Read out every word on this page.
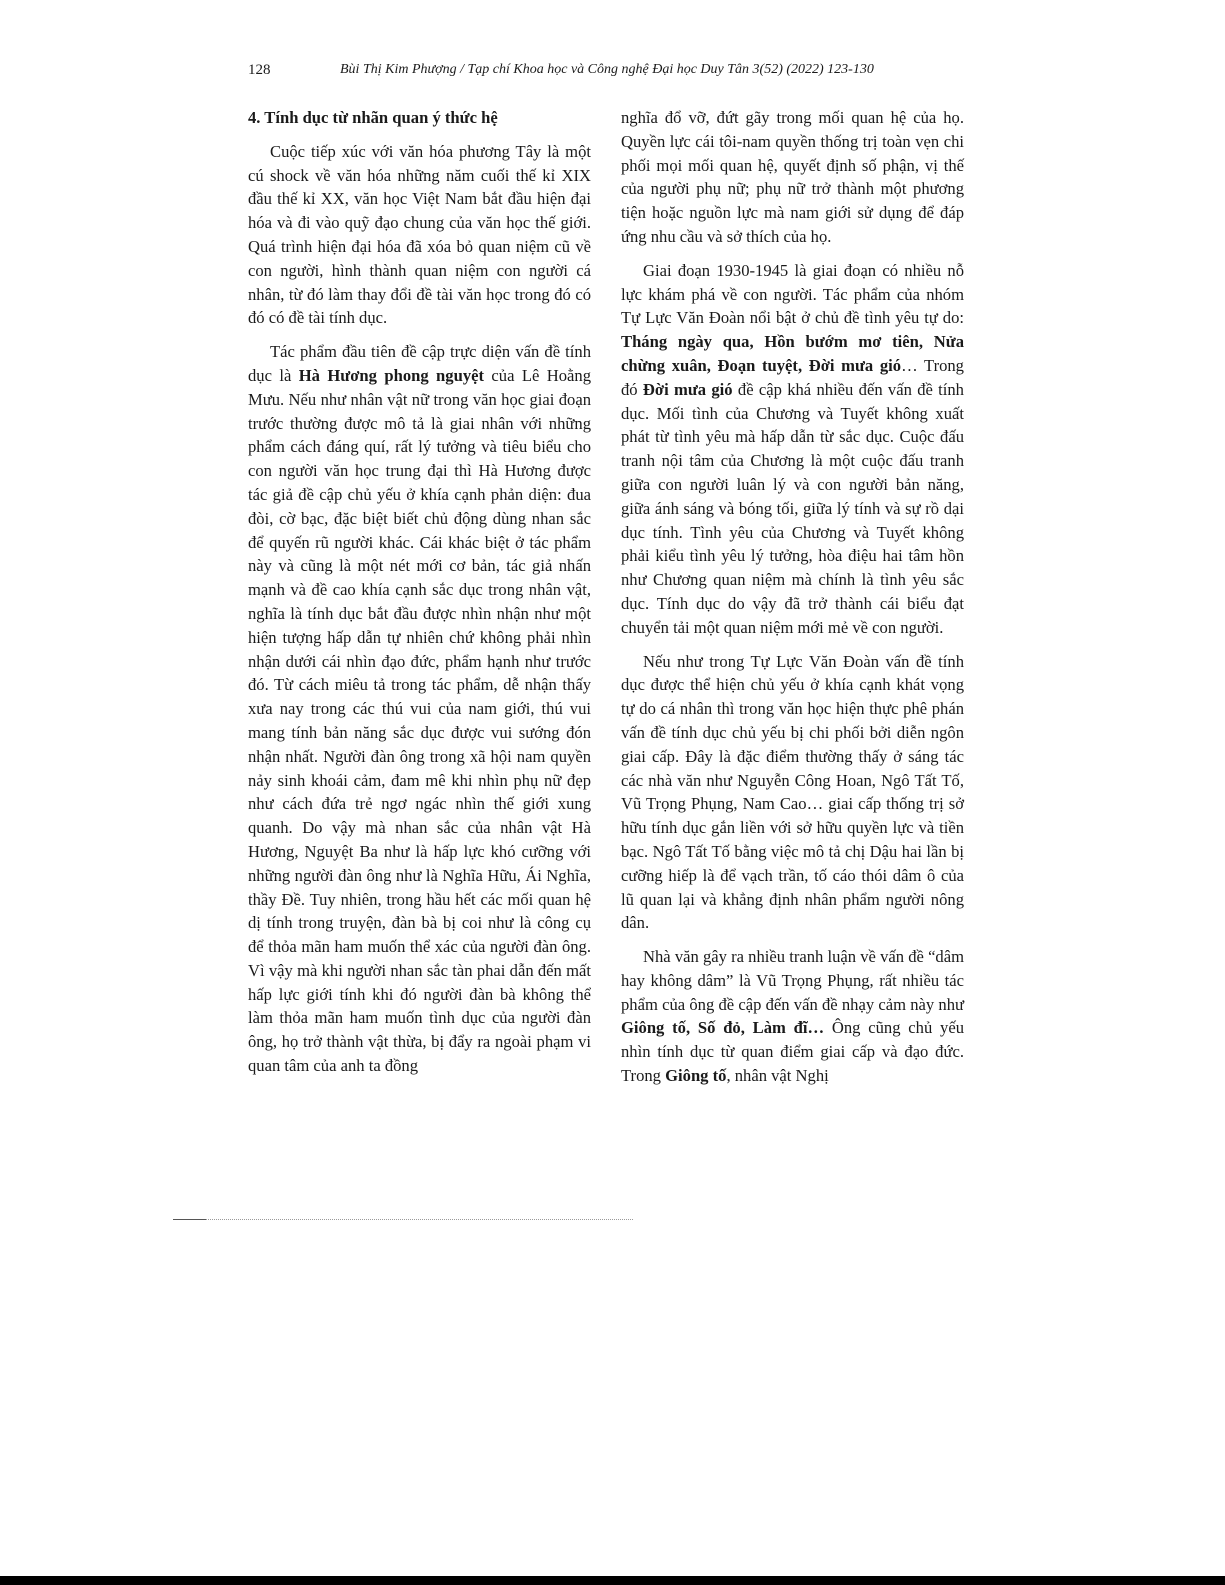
128	Bùi Thị Kim Phượng / Tạp chí Khoa học và Công nghệ Đại học Duy Tân 3(52) (2022) 123-130

4. Tính dục từ nhãn quan ý thức hệ

Cuộc tiếp xúc với văn hóa phương Tây là một cú shock về văn hóa những năm cuối thế kỉ XIX đầu thế kỉ XX, văn học Việt Nam bắt đầu hiện đại hóa và đi vào quỹ đạo chung của văn học thế giới. Quá trình hiện đại hóa đã xóa bỏ quan niệm cũ về con người, hình thành quan niệm con người cá nhân, từ đó làm thay đổi đề tài văn học trong đó có đó có đề tài tính dục.

Tác phẩm đầu tiên đề cập trực diện vấn đề tính dục là Hà Hương phong nguyệt của Lê Hoằng Mưu. Nếu như nhân vật nữ trong văn học giai đoạn trước thường được mô tả là giai nhân với những phẩm cách đáng quí, rất lý tưởng và tiêu biểu cho con người văn học trung đại thì Hà Hương được tác giả đề cập chủ yếu ở khía cạnh phản diện: đua đòi, cờ bạc, đặc biệt biết chủ động dùng nhan sắc để quyến rũ người khác. Cái khác biệt ở tác phẩm này và cũng là một nét mới cơ bản, tác giả nhấn mạnh và đề cao khía cạnh sắc dục trong nhân vật, nghĩa là tính dục bắt đầu được nhìn nhận như một hiện tượng hấp dẫn tự nhiên chứ không phải nhìn nhận dưới cái nhìn đạo đức, phẩm hạnh như trước đó. Từ cách miêu tả trong tác phẩm, dễ nhận thấy xưa nay trong các thú vui của nam giới, thú vui mang tính bản năng sắc dục được vui sướng đón nhận nhất. Người đàn ông trong xã hội nam quyền nảy sinh khoái cảm, đam mê khi nhìn phụ nữ đẹp như cách đứa trẻ ngơ ngác nhìn thế giới xung quanh. Do vậy mà nhan sắc của nhân vật Hà Hương, Nguyệt Ba như là hấp lực khó cưỡng với những người đàn ông như là Nghĩa Hữu, Ái Nghĩa, thầy Đề. Tuy nhiên, trong hầu hết các mối quan hệ dị tính trong truyện, đàn bà bị coi như là công cụ để thỏa mãn ham muốn thể xác của người đàn ông. Vì vậy mà khi người nhan sắc tàn phai dẫn đến mất hấp lực giới tính khi đó người đàn bà không thể làm thỏa mãn ham muốn tình dục của người đàn ông, họ trở thành vật thừa, bị đẩy ra ngoài phạm vi quan tâm của anh ta đồng

nghĩa đổ vỡ, đứt gãy trong mối quan hệ của họ. Quyền lực cái tôi-nam quyền thống trị toàn vẹn chi phối mọi mối quan hệ, quyết định số phận, vị thế của người phụ nữ; phụ nữ trở thành một phương tiện hoặc nguồn lực mà nam giới sử dụng để đáp ứng nhu cầu và sở thích của họ.

Giai đoạn 1930-1945 là giai đoạn có nhiều nỗ lực khám phá về con người. Tác phẩm của nhóm Tự Lực Văn Đoàn nổi bật ở chủ đề tình yêu tự do: Tháng ngày qua, Hồn bướm mơ tiên, Nửa chừng xuân, Đoạn tuyệt, Đời mưa gió… Trong đó Đời mưa gió đề cập khá nhiều đến vấn đề tính dục. Mối tình của Chương và Tuyết không xuất phát từ tình yêu mà hấp dẫn từ sắc dục. Cuộc đấu tranh nội tâm của Chương là một cuộc đấu tranh giữa con người luân lý và con người bản năng, giữa ánh sáng và bóng tối, giữa lý tính và sự rồ dại dục tính. Tình yêu của Chương và Tuyết không phải kiểu tình yêu lý tưởng, hòa điệu hai tâm hồn như Chương quan niệm mà chính là tình yêu sắc dục. Tính dục do vậy đã trở thành cái biểu đạt chuyển tải một quan niệm mới mẻ về con người.

Nếu như trong Tự Lực Văn Đoàn vấn đề tính dục được thể hiện chủ yếu ở khía cạnh khát vọng tự do cá nhân thì trong văn học hiện thực phê phán vấn đề tính dục chủ yếu bị chi phối bởi diễn ngôn giai cấp. Đây là đặc điểm thường thấy ở sáng tác các nhà văn như Nguyễn Công Hoan, Ngô Tất Tố, Vũ Trọng Phụng, Nam Cao… giai cấp thống trị sở hữu tính dục gắn liền với sở hữu quyền lực và tiền bạc. Ngô Tất Tố bằng việc mô tả chị Dậu hai lần bị cưỡng hiếp là để vạch trần, tố cáo thói dâm ô của lũ quan lại và khẳng định nhân phẩm người nông dân.

Nhà văn gây ra nhiều tranh luận về vấn đề “dâm hay không dâm” là Vũ Trọng Phụng, rất nhiều tác phẩm của ông đề cập đến vấn đề nhạy cảm này như Giông tố, Số đỏ, Làm đĩ… Ông cũng chủ yếu nhìn tính dục từ quan điểm giai cấp và đạo đức. Trong Giông tố, nhân vật Nghị
